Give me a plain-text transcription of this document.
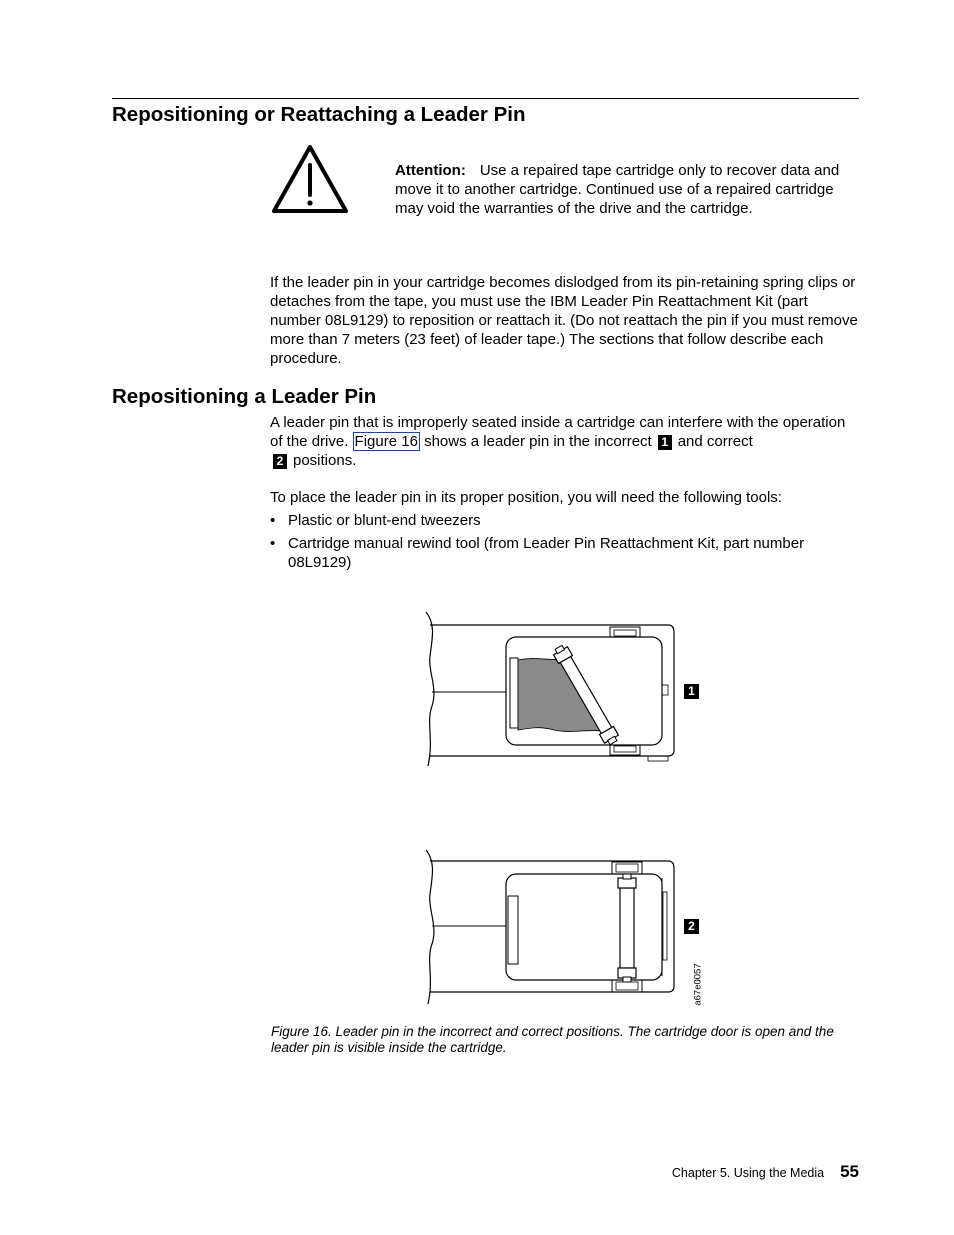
Repositioning or Reattaching a Leader Pin
Attention: Use a repaired tape cartridge only to recover data and move it to another cartridge. Continued use of a repaired cartridge may void the warranties of the drive and the cartridge.

If the leader pin in your cartridge becomes dislodged from its pin-retaining spring clips or detaches from the tape, you must use the IBM Leader Pin Reattachment Kit (part number 08L9129) to reposition or reattach it. (Do not reattach the pin if you must remove more than 7 meters (23 feet) of leader tape.) The sections that follow describe each procedure.

Repositioning a Leader Pin

A leader pin that is improperly seated inside a cartridge can interfere with the operation of the drive. Figure 16 shows a leader pin in the incorrect 1 and correct
2 positions.

To place the leader pin in its proper position, you will need the following tools:

• Plastic or blunt-end tweezers
• Cartridge manual rewind tool (from Leader Pin Reattachment Kit, part number 08L9129)
1
2
a67e0057
Figure 16. Leader pin in the incorrect and correct positions. The cartridge door is open and the leader pin is visible inside the cartridge.
Chapter 5. Using the Media 55
